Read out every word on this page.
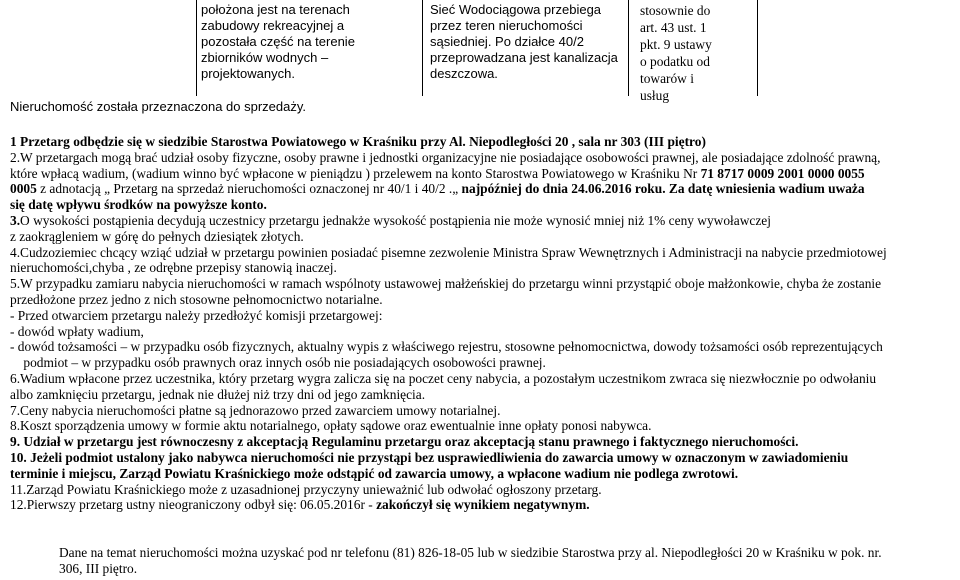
położona jest na terenach
zabudowy rekreacyjnej a
pozostała część na terenie
zbiorników wodnych –
projektowanych.
Sieć Wodociągowa przebiega
przez teren nieruchomości
sąsiedniej. Po działce 40/2
przeprowadzana jest kanalizacja
deszczowa.
stosownie do
art. 43 ust. 1
pkt. 9 ustawy
o podatku od
towarów i
usług
Nieruchomość została przeznaczona do sprzedaży.

1 Przetarg odbędzie się w siedzibie Starostwa Powiatowego w Kraśniku przy Al. Niepodległości 20 , sala nr 303 (III piętro)

2.W przetargach mogą brać udział osoby fizyczne, osoby prawne i jednostki organizacyjne nie posiadające osobowości prawnej, ale posiadające zdolność prawną,

które wpłacą wadium, (wadium winno być wpłacone w pieniądzu ) przelewem na konto Starostwa Powiatowego w Kraśniku Nr 71 8717 0009 2001 0000 0055

0005 z adnotacją „ Przetarg na sprzedaż nieruchomości oznaczonej nr 40/1 i 40/2 .„ najpóźniej do dnia 24.06.2016 roku. Za datę wniesienia wadium uważa

się datę wpływu środków na powyższe konto.

3.O wysokości postąpienia decydują uczestnicy przetargu jednakże wysokość postąpienia nie może wynosić mniej niż 1% ceny wywoławczej

z zaokrągleniem w górę do pełnych dziesiątek złotych.

4.Cudzoziemiec chcący wziąć udział w przetargu powinien posiadać pisemne zezwolenie Ministra Spraw Wewnętrznych i Administracji na nabycie przedmiotowej

nieruchomości,chyba , ze odrębne przepisy stanowią inaczej.

5.W przypadku zamiaru nabycia nieruchomości w ramach wspólnoty ustawowej małżeńskiej do przetargu winni przystąpić oboje małżonkowie, chyba że zostanie

przedłożone przez jedno z nich stosowne pełnomocnictwo notarialne.

- Przed otwarciem przetargu należy przedłożyć komisji przetargowej:

- dowód wpłaty wadium,

- dowód tożsamości – w przypadku osób fizycznych, aktualny wypis z właściwego rejestru, stosowne pełnomocnictwa, dowody tożsamości osób reprezentujących

podmiot – w przypadku osób prawnych oraz innych osób nie posiadających osobowości prawnej.

6.Wadium wpłacone przez uczestnika, który przetarg wygra zalicza się na poczet ceny nabycia, a pozostałym uczestnikom zwraca się niezwłocznie po odwołaniu

albo zamknięciu przetargu, jednak nie dłużej niż trzy dni od jego zamknięcia.

7.Ceny nabycia nieruchomości płatne są jednorazowo przed zawarciem umowy notarialnej.

8.Koszt sporządzenia umowy w formie aktu notarialnego, opłaty sądowe oraz ewentualnie inne opłaty ponosi nabywca.

9. Udział w przetargu jest równoczesny z akceptacją Regulaminu przetargu oraz akceptacją stanu prawnego i faktycznego nieruchomości.

10. Jeżeli podmiot ustalony jako nabywca nieruchomości nie przystąpi bez usprawiedliwienia do zawarcia umowy w oznaczonym w zawiadomieniu

terminie i miejscu, Zarząd Powiatu Kraśnickiego może odstąpić od zawarcia umowy, a wpłacone wadium nie podlega zwrotowi.

11.Zarząd Powiatu Kraśnickiego może z uzasadnionej przyczyny unieważnić lub odwołać ogłoszony przetarg.

12.Pierwszy przetarg ustny nieograniczony odbył się: 06.05.2016r - zakończył się wynikiem negatywnym.

Dane na temat nieruchomości można uzyskać pod nr telefonu (81) 826-18-05 lub w siedzibie Starostwa przy al. Niepodległości 20 w Kraśniku w pok. nr.
306, III piętro.
